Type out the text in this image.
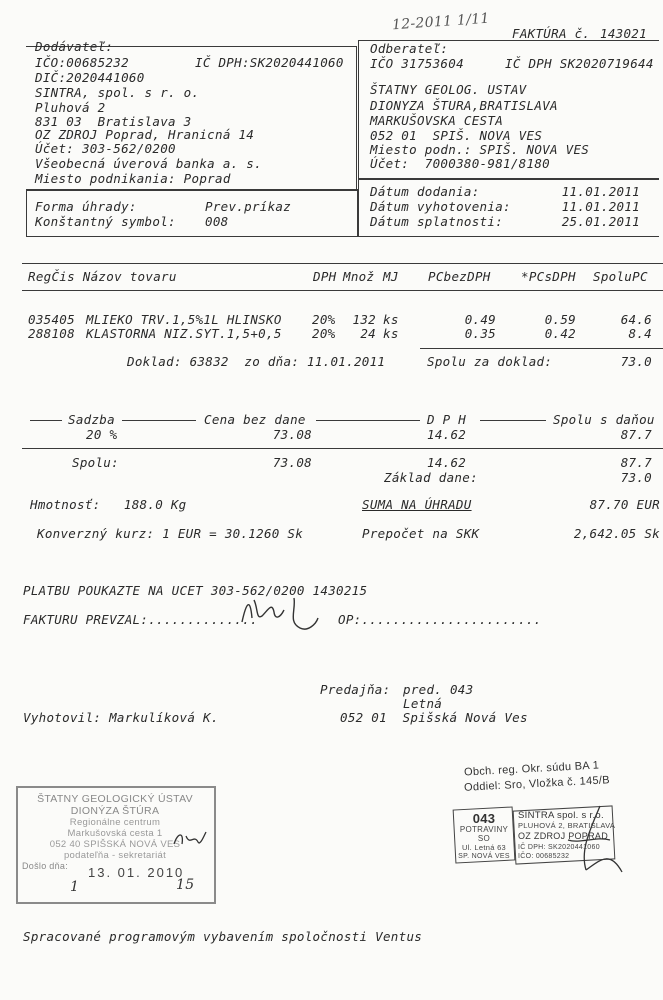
12-2011 1/11
FAKTÚRA č. 143021
Dodávateľ:
IČO:00685232	IČ DPH:SK2020441060
DIČ:2020441060
SINTRA, spol. s r. o.
Pluhová 2
831 03  Bratislava 3
OZ ZDROJ Poprad, Hranicná 14
Účet: 303-562/0200
Všeobecná úverová banka a. s.
Miesto podnikania: Poprad
Odberateľ:
IČO 31753604	IČ DPH SK2020719644
ŠTATNY GEOLOG. USTAV
DIONYZA ŠTURA,BRATISLAVA
MARKUŠOVSKA CESTA
052 01  SPIŠ. NOVA VES
Miesto podn.: SPIŠ. NOVA VES
Účet:  7000380-981/8180
Forma úhrady:	Prev.príkaz
Konštantný symbol: 008
Dátum dodania:	11.01.2011
Dátum vyhotovenia:	11.01.2011
Dátum splatnosti:	25.01.2011
RegČis Názov tovaru	DPH Množ MJ PCbezDPH *PCsDPH SpoluPC
035405 MLIEKO TRV.1,5%1L HLINSKO 20%	132 ks	0.49	0.59	64.6
288108 KLASTORNA NIZ.SYT.1,5+0,5 20%	24 ks	0.35	0.42	8.4
Doklad: 63832  zo dňa: 11.01.2011	Spolu za doklad:	73.0
Sadzba	Cena bez dane	D P H	Spolu s daňou
20 %	73.08	14.62	87.7
Spolu:	73.08	14.62	87.7
Základ dane:	73.0
Hmotnosť:   188.0 Kg	SUMA NA ÚHRADU	87.70 EUR
Konverzný kurz: 1 EUR = 30.1260 Sk	Prepočet na SKK	2,642.05 Sk
PLATBU POUKAZTE NA UCET 303-562/0200 1430215
FAKTURU PREVZAL:..............	OP:.......................
Predajňa: pred. 043
Letná
Vyhotovil: Markulíková K.	052 01  Spišská Nová Ves
ŠTATNY GEOLOGICKÝ ÚSTAV
DIONÝZA ŠTÚRA
Regionálne centrum
Markušovská cesta 1
052 40 SPIŠSKÁ NOVÁ VES
podateľňa - sekretariát
Došlo dňa: 13. 01. 2010
1	15
Obch. reg. Okr. súdu BA 1
Oddiel: Sro, Vložka č. 145/B
043
POTRAVINY
SO
Ul. Letná 63
SP. NOVÁ VES
SINTRA spol. s r.o.
PLUHOVÁ 2, BRATISLAVA
OZ ZDROJ POPRAD
IČ DPH: SK2020441060
IČO: 00685232
Spracované programovým vybavením spoločnosti Ventus
